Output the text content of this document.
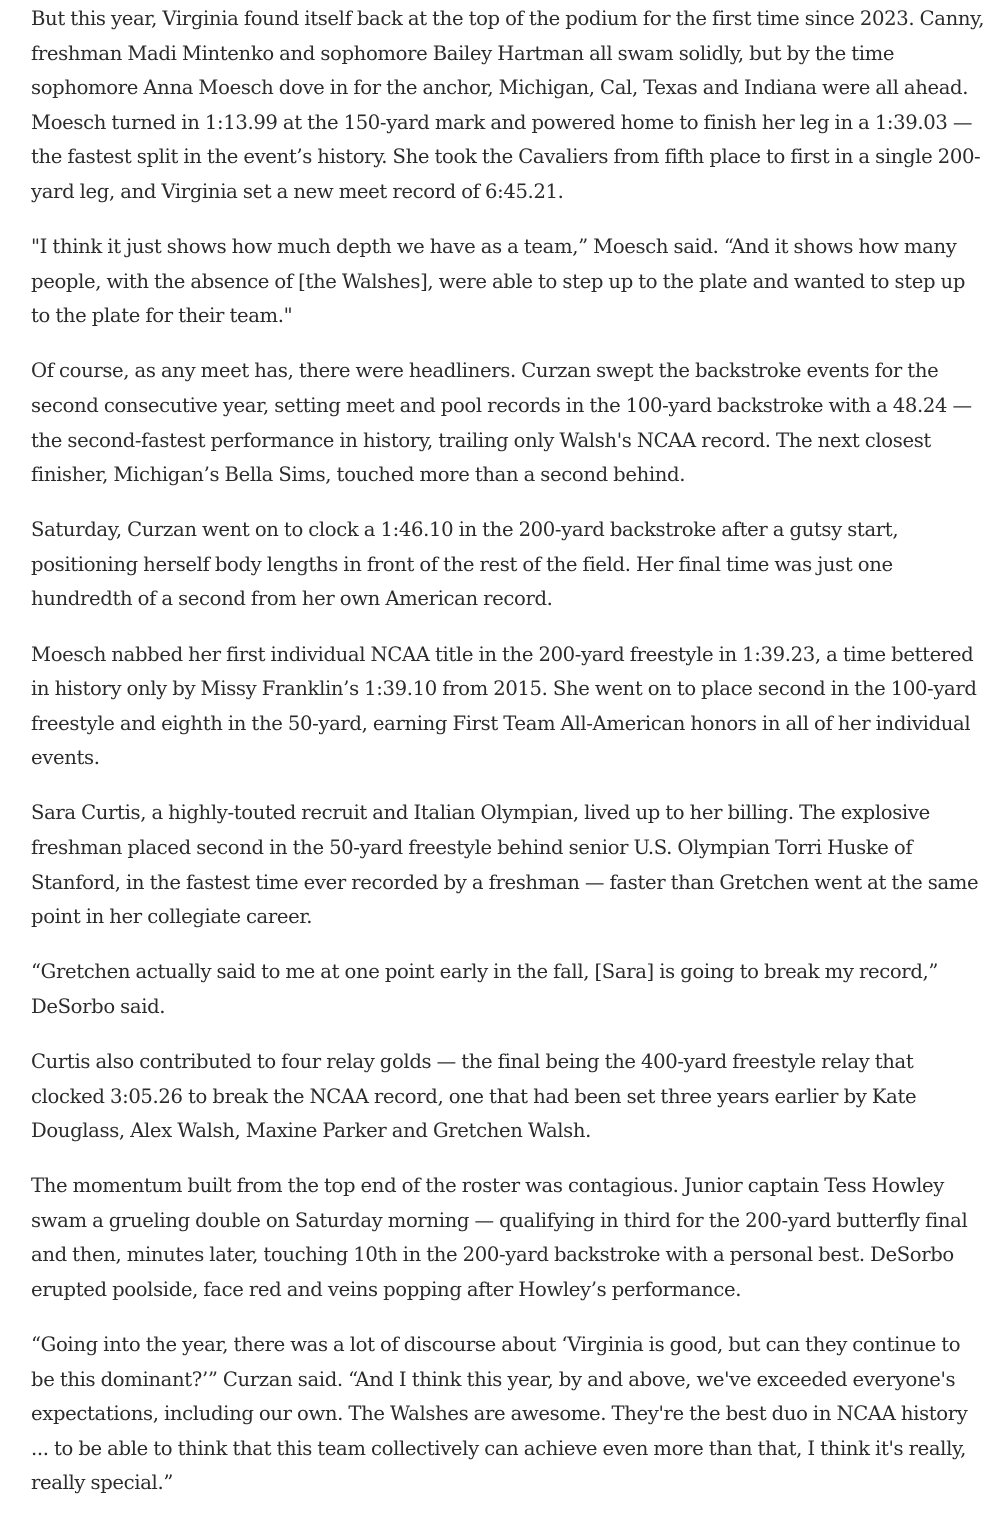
But this year, Virginia found itself back at the top of the podium for the first time since 2023. Canny, freshman Madi Mintenko and sophomore Bailey Hartman all swam solidly, but by the time sophomore Anna Moesch dove in for the anchor, Michigan, Cal, Texas and Indiana were all ahead. Moesch turned in 1:13.99 at the 150-yard mark and powered home to finish her leg in a 1:39.03 — the fastest split in the event’s history. She took the Cavaliers from fifth place to first in a single 200-yard leg, and Virginia set a new meet record of 6:45.21.

"I think it just shows how much depth we have as a team,” Moesch said. “And it shows how many people, with the absence of [the Walshes], were able to step up to the plate and wanted to step up to the plate for their team."

Of course, as any meet has, there were headliners. Curzan swept the backstroke events for the second consecutive year, setting meet and pool records in the 100-yard backstroke with a 48.24 — the second-fastest performance in history, trailing only Walsh's NCAA record. The next closest finisher, Michigan’s Bella Sims, touched more than a second behind.

Saturday, Curzan went on to clock a 1:46.10 in the 200-yard backstroke after a gutsy start, positioning herself body lengths in front of the rest of the field. Her final time was just one hundredth of a second from her own American record.

Moesch nabbed her first individual NCAA title in the 200-yard freestyle in 1:39.23, a time bettered in history only by Missy Franklin’s 1:39.10 from 2015. She went on to place second in the 100-yard freestyle and eighth in the 50-yard, earning First Team All-American honors in all of her individual events.

Sara Curtis, a highly-touted recruit and Italian Olympian, lived up to her billing. The explosive freshman placed second in the 50-yard freestyle behind senior U.S. Olympian Torri Huske of Stanford, in the fastest time ever recorded by a freshman — faster than Gretchen went at the same point in her collegiate career.

“Gretchen actually said to me at one point early in the fall, [Sara] is going to break my record,” DeSorbo said.

Curtis also contributed to four relay golds — the final being the 400-yard freestyle relay that clocked 3:05.26 to break the NCAA record, one that had been set three years earlier by Kate Douglass, Alex Walsh, Maxine Parker and Gretchen Walsh.

The momentum built from the top end of the roster was contagious. Junior captain Tess Howley swam a grueling double on Saturday morning — qualifying in third for the 200-yard butterfly final and then, minutes later, touching 10th in the 200-yard backstroke with a personal best. DeSorbo erupted poolside, face red and veins popping after Howley’s performance.

“Going into the year, there was a lot of discourse about ‘Virginia is good, but can they continue to be this dominant?’” Curzan said. “And I think this year, by and above, we've exceeded everyone's expectations, including our own. The Walshes are awesome. They're the best duo in NCAA history ... to be able to think that this team collectively can achieve even more than that, I think it's really, really special.”
